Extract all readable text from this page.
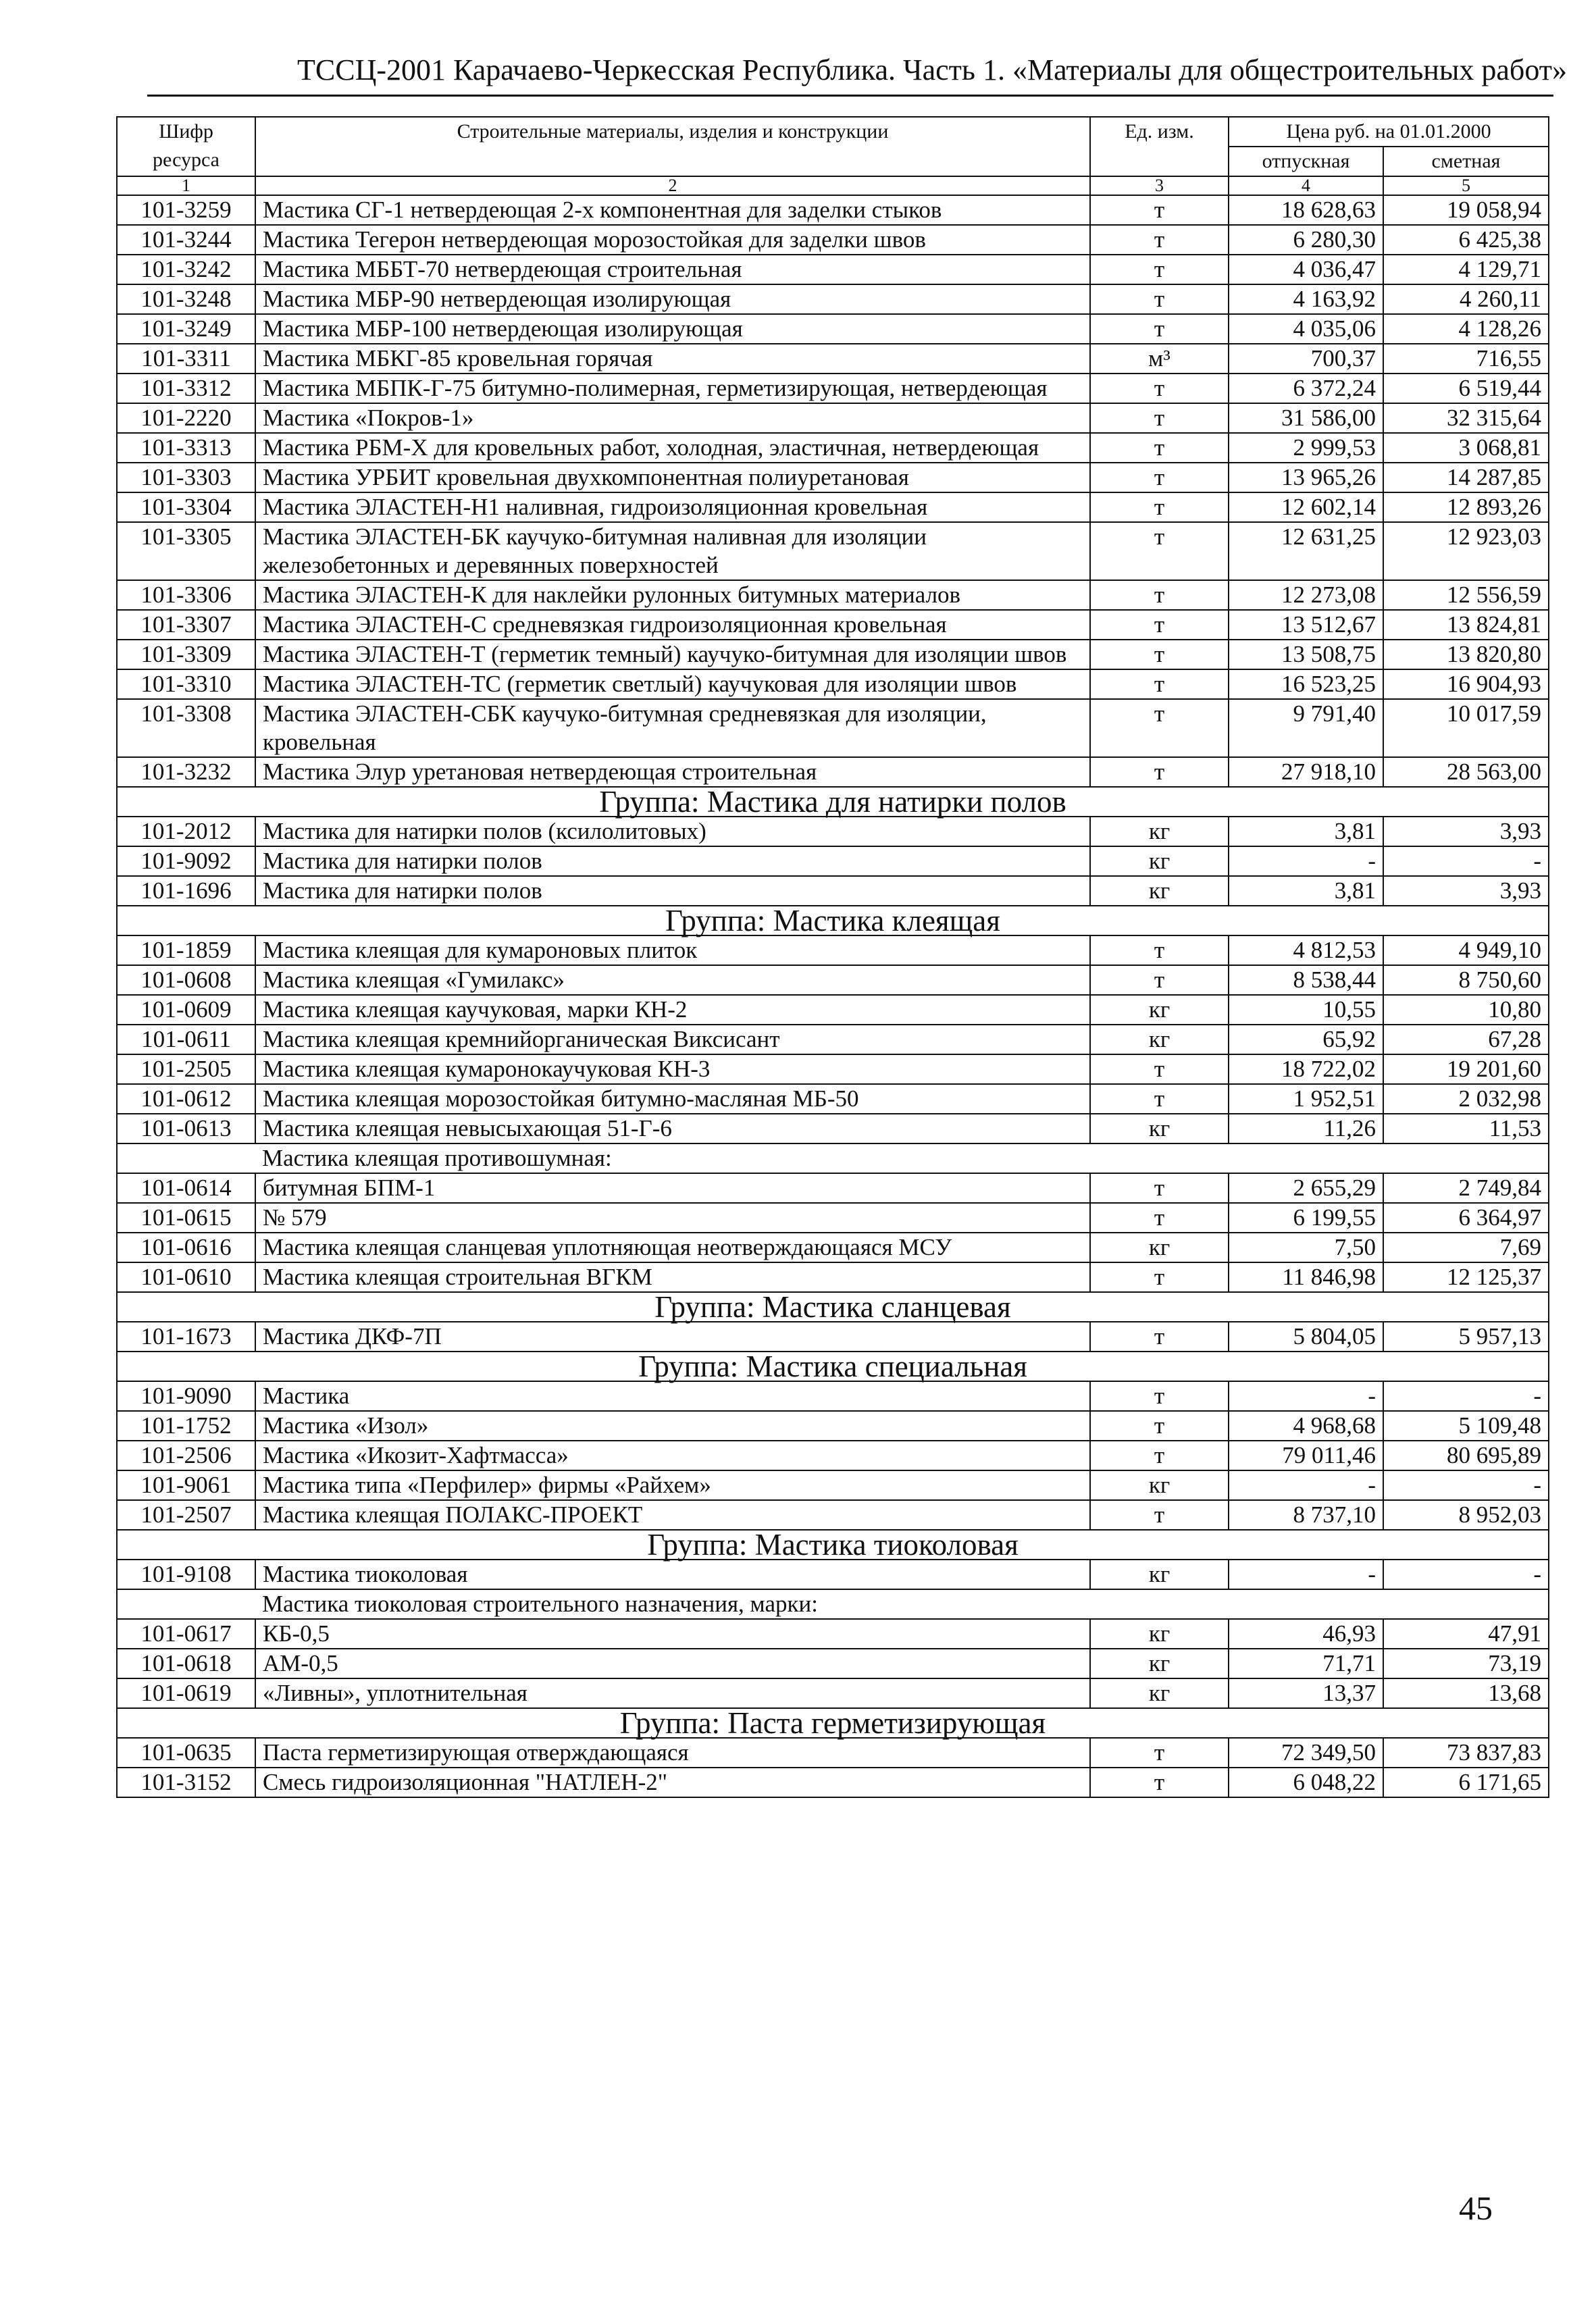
ТССЦ-2001 Карачаево-Черкесская Республика. Часть 1. «Материалы для общестроительных работ»
Шифр ресурса	Строительные материалы, изделия и конструкции	Ед. изм.	Цена руб. на 01.01.2000	
			отпускная	сметная
1	2	3	4	5
101-3259	Мастика СГ-1 нетвердеющая 2-х компонентная для заделки стыков	т	18 628,63	19 058,94
101-3244	Мастика Тегерон нетвердеющая морозостойкая для заделки швов	т	6 280,30	6 425,38
101-3242	Мастика МББТ-70 нетвердеющая строительная	т	4 036,47	4 129,71
101-3248	Мастика МБР-90 нетвердеющая изолирующая	т	4 163,92	4 260,11
101-3249	Мастика МБР-100 нетвердеющая изолирующая	т	4 035,06	4 128,26
101-3311	Мастика МБКГ-85 кровельная горячая	м³	700,37	716,55
101-3312	Мастика МБПК-Г-75 битумно-полимерная, герметизирующая, нетвердеющая	т	6 372,24	6 519,44
101-2220	Мастика «Покров-1»	т	31 586,00	32 315,64
101-3313	Мастика РБМ-Х для кровельных работ, холодная, эластичная, нетвердеющая	т	2 999,53	3 068,81
101-3303	Мастика УРБИТ кровельная двухкомпонентная полиуретановая	т	13 965,26	14 287,85
101-3304	Мастика ЭЛАСТЕН-Н1 наливная, гидроизоляционная кровельная	т	12 602,14	12 893,26
101-3305	Мастика ЭЛАСТЕН-БК каучуко-битумная наливная для изоляции железобетонных и деревянных поверхностей	т	12 631,25	12 923,03
101-3306	Мастика ЭЛАСТЕН-К для наклейки рулонных битумных материалов	т	12 273,08	12 556,59
101-3307	Мастика ЭЛАСТЕН-С средневязкая гидроизоляционная кровельная	т	13 512,67	13 824,81
101-3309	Мастика ЭЛАСТЕН-Т (герметик темный) каучуко-битумная для изоляции швов	т	13 508,75	13 820,80
101-3310	Мастика ЭЛАСТЕН-ТС (герметик светлый) каучуковая для изоляции швов	т	16 523,25	16 904,93
101-3308	Мастика ЭЛАСТЕН-СБК каучуко-битумная средневязкая для изоляции, кровельная	т	9 791,40	10 017,59
101-3232	Мастика Элур уретановая нетвердеющая строительная	т	27 918,10	28 563,00
Группа: Мастика для натирки полов				
101-2012	Мастика для натирки полов (ксилолитовых)	кг	3,81	3,93
101-9092	Мастика для натирки полов	кг	-	-
101-1696	Мастика для натирки полов	кг	3,81	3,93
Группа: Мастика клеящая				
101-1859	Мастика клеящая для кумароновых плиток	т	4 812,53	4 949,10
101-0608	Мастика клеящая «Гумилакс»	т	8 538,44	8 750,60
101-0609	Мастика клеящая каучуковая, марки КН-2	кг	10,55	10,80
101-0611	Мастика клеящая кремнийорганическая Виксисант	кг	65,92	67,28
101-2505	Мастика клеящая кумаронокаучуковая КН-3	т	18 722,02	19 201,60
101-0612	Мастика клеящая морозостойкая битумно-масляная МБ-50	т	1 952,51	2 032,98
101-0613	Мастика клеящая невысыхающая 51-Г-6	кг	11,26	11,53
	Мастика клеящая противошумная:			
101-0614	битумная БПМ-1	т	2 655,29	2 749,84
101-0615	№ 579	т	6 199,55	6 364,97
101-0616	Мастика клеящая сланцевая уплотняющая неотверждающаяся МСУ	кг	7,50	7,69
101-0610	Мастика клеящая строительная ВГКМ	т	11 846,98	12 125,37
Группа: Мастика сланцевая				
101-1673	Мастика ДКФ-7П	т	5 804,05	5 957,13
Группа: Мастика специальная				
101-9090	Мастика	т	-	-
101-1752	Мастика «Изол»	т	4 968,68	5 109,48
101-2506	Мастика «Икозит-Хафтмасса»	т	79 011,46	80 695,89
101-9061	Мастика типа «Перфилер» фирмы «Райхем»	кг	-	-
101-2507	Мастика клеящая ПОЛАКС-ПРОЕКТ	т	8 737,10	8 952,03
Группа: Мастика тиоколовая				
101-9108	Мастика тиоколовая	кг	-	-
	Мастика тиоколовая строительного назначения, марки:			
101-0617	КБ-0,5	кг	46,93	47,91
101-0618	АМ-0,5	кг	71,71	73,19
101-0619	«Ливны», уплотнительная	кг	13,37	13,68
Группа: Паста герметизирующая				
101-0635	Паста герметизирующая отверждающаяся	т	72 349,50	73 837,83
101-3152	Смесь гидроизоляционная "НАТЛЕН-2"	т	6 048,22	6 171,65
45
